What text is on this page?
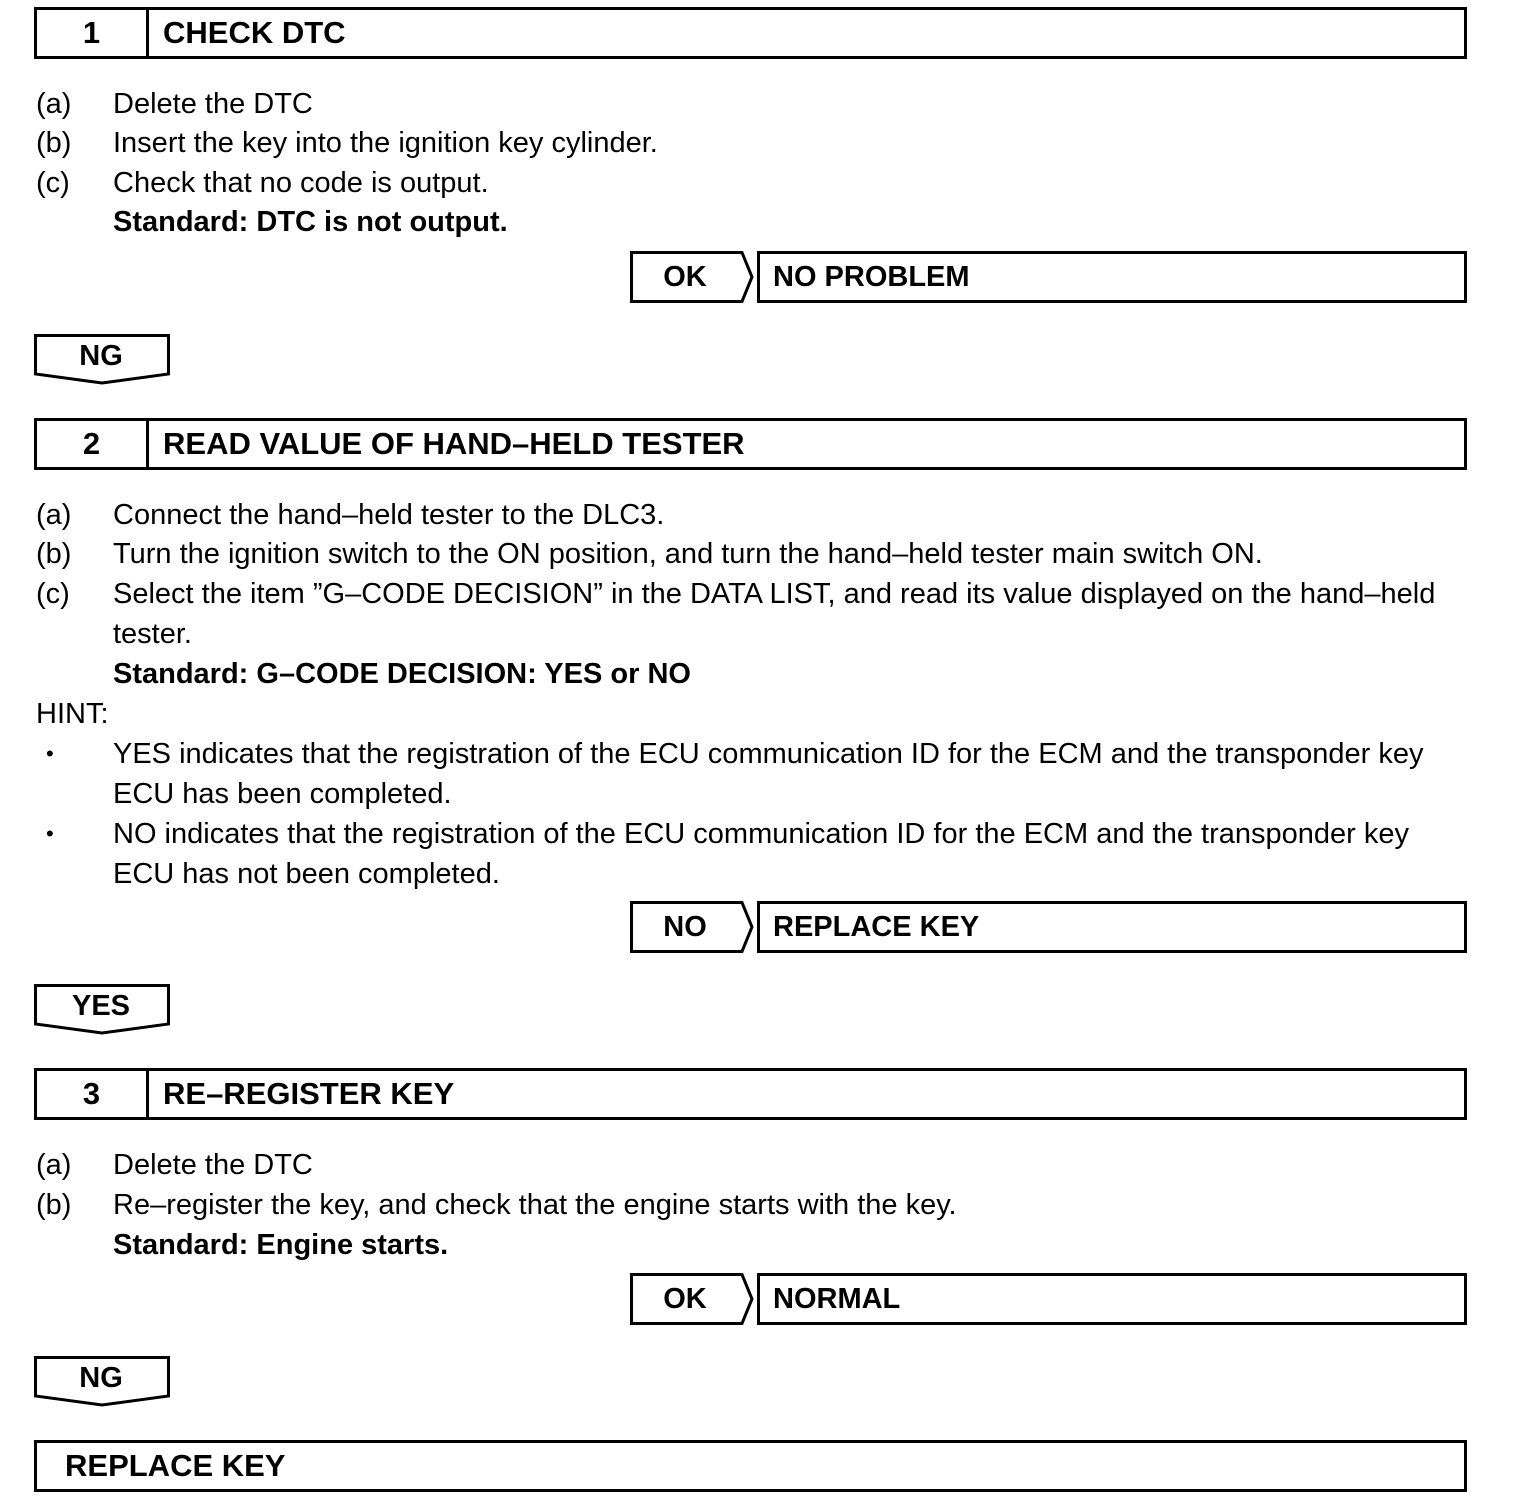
1	CHECK DTC
(a) Delete the DTC
(b) Insert the key into the ignition key cylinder.
(c) Check that no code is output.
Standard: DTC is not output.
OK	NO PROBLEM
NG
2	READ VALUE OF HAND–HELD TESTER
(a) Connect the hand–held tester to the DLC3.
(b) Turn the ignition switch to the ON position, and turn the hand–held tester main switch ON.
(c) Select the item ”G–CODE DECISION” in the DATA LIST, and read its value displayed on the hand–held
tester.
Standard: G–CODE DECISION: YES or NO
HINT:
• YES indicates that the registration of the ECU communication ID for the ECM and the transponder key
ECU has been completed.
• NO indicates that the registration of the ECU communication ID for the ECM and the transponder key
ECU has not been completed.
NO	REPLACE KEY
YES
3	RE–REGISTER KEY
(a) Delete the DTC
(b) Re–register the key, and check that the engine starts with the key.
Standard: Engine starts.
OK	NORMAL
NG
REPLACE KEY
